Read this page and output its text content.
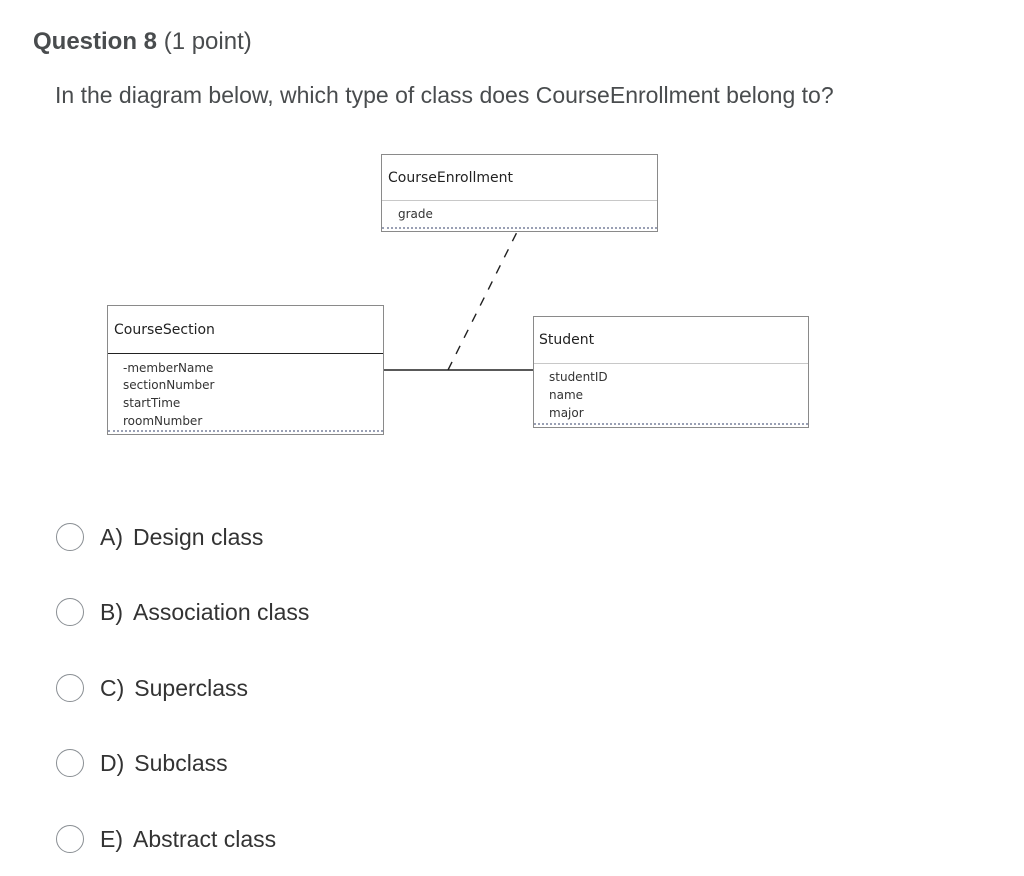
Question 8 (1 point)
In the diagram below, which type of class does CourseEnrollment belong to?
CourseEnrollment
grade
CourseSection
-memberName
sectionNumber
startTime
roomNumber
Student
studentID
name
major
A) Design class
B) Association class
C) Superclass
D) Subclass
E) Abstract class
